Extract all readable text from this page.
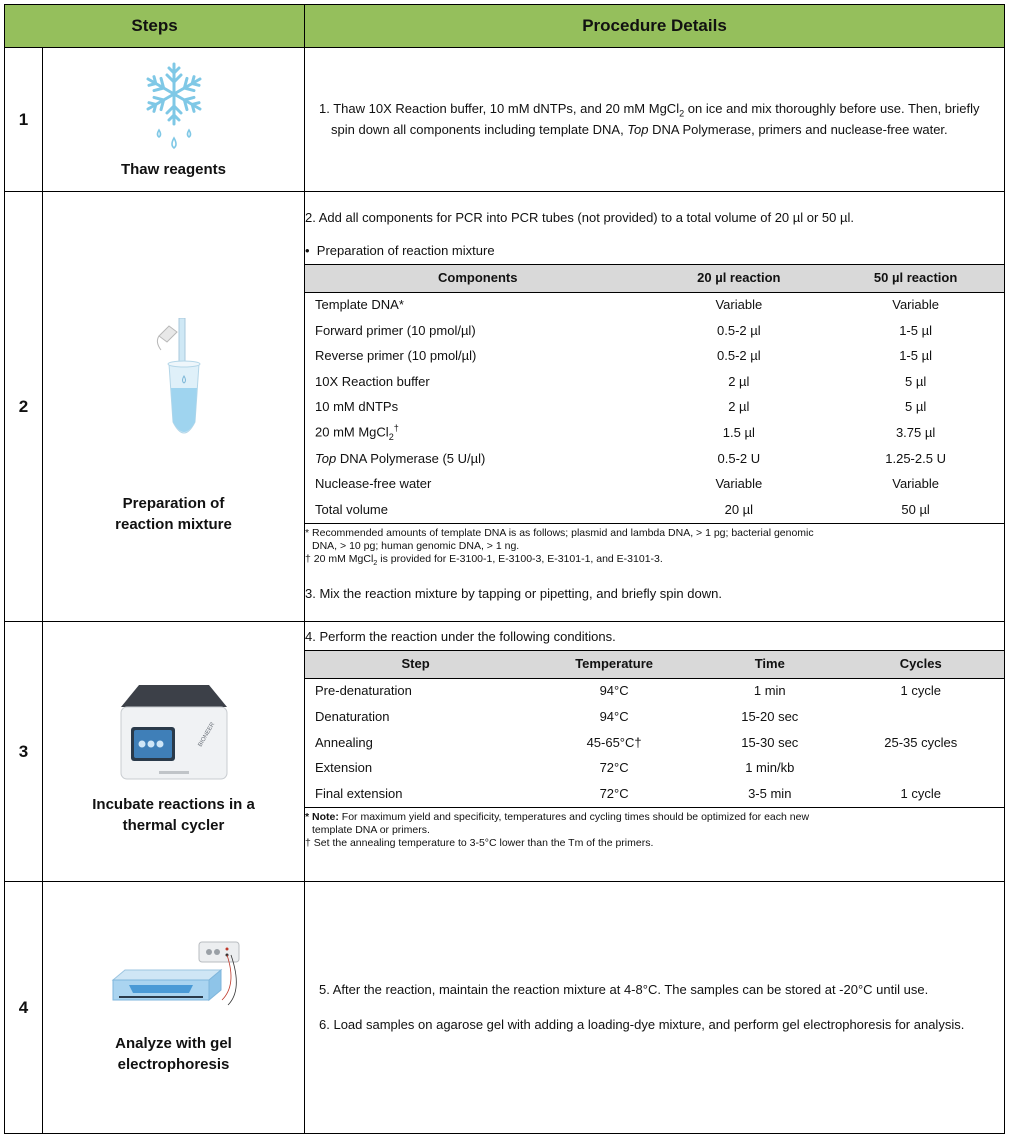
Steps	Procedure Details
1	
Thaw reagents

1. Thaw 10X Reaction buffer, 10 mM dNTPs, and 20 mM MgCl$_2$ on ice and mix thoroughly before use. Then, briefly spin down all components including template DNA, Top DNA Polymerase, primers and nuclease-free water.

2	
Preparation of
reaction mixture

2. Add all components for PCR into PCR tubes (not provided) to a total volume of 20 µl or 50 µl.

•  Preparation of reaction mixture

Components	20 µl reaction	50 µl reaction
Template DNA*	Variable	Variable
Forward primer (10 pmol/µl)	0.5-2 µl	1-5 µl
Reverse primer (10 pmol/µl)	0.5-2 µl	1-5 µl
10X Reaction buffer	2 µl	5 µl
10 mM dNTPs	2 µl	5 µl
20 mM MgCl$_2$†	1.5 µl	3.75 µl
Top DNA Polymerase (5 U/µl)	0.5-2 U	1.25-2.5 U
Nuclease-free water	Variable	Variable
Total volume	20 µl	50 µl
* Recommended amounts of template DNA is as follows; plasmid and lambda DNA, > 1 pg; bacterial genomic
DNA, > 10 pg; human genomic DNA, > 1 ng.
† 20 mM MgCl$_2$ is provided for E-3100-1, E-3100-3, E-3101-1, and E-3101-3.

3. Mix the reaction mixture by tapping or pipetting, and briefly spin down.

3	
BIONEER
Incubate reactions in a
thermal cycler

4. Perform the reaction under the following conditions.

Step	Temperature	Time	Cycles
Pre-denaturation	94°C	1 min	1 cycle
Denaturation	94°C	15-20 sec	
Annealing	45-65°C†	15-30 sec	25-35 cycles
Extension	72°C	1 min/kb	
Final extension	72°C	3-5 min	1 cycle
* Note: For maximum yield and specificity, temperatures and cycling times should be optimized for each new
template DNA or primers.
† Set the annealing temperature to 3-5°C lower than the Tm of the primers.

4	
Analyze with gel
electrophoresis

5. After the reaction, maintain the reaction mixture at 4-8°C. The samples can be stored at -20°C until use.

6. Load samples on agarose gel with adding a loading-dye mixture, and perform gel electrophoresis for analysis.
